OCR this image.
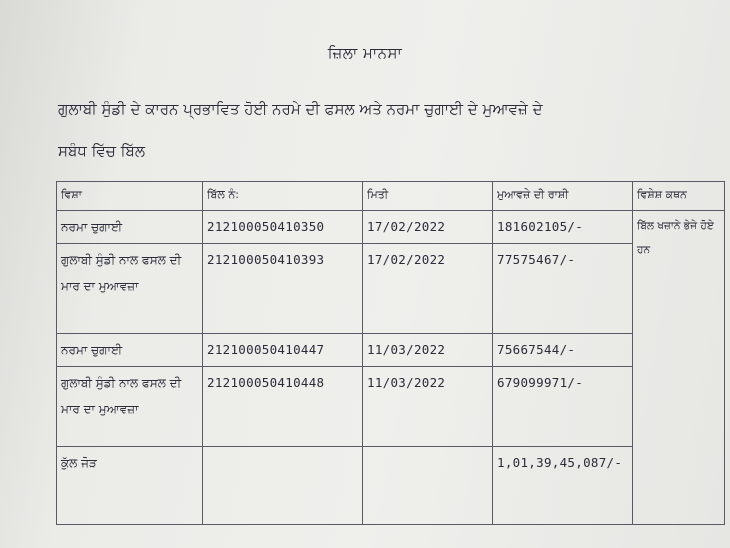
ਜ਼ਿਲਾ ਮਾਨਸਾ
ਗੁਲਾਬੀ ਸੁੰਡੀ ਦੇ ਕਾਰਨ ਪ੍ਰਭਾਵਿਤ ਹੋਈ ਨਰਮੇ ਦੀ ਫਸਲ ਅਤੇ ਨਰਮਾ ਚੁਗਾਈ ਦੇ ਮੁਆਵਜ਼ੇ ਦੇ
ਸਬੰਧ ਵਿੱਚ ਬਿੱਲ
ਵਿਸ਼ਾ	ਬਿੱਲ ਨੰ:	ਮਿਤੀ	ਮੁਆਵਜ਼ੇ ਦੀ ਰਾਸ਼ੀ	ਵਿਸ਼ੇਸ਼ ਕਥਨ
ਨਰਮਾ ਚੁਗਾਈ	212100050410350	17/02/2022	181602105/-	ਬਿੱਲ ਖਜ਼ਾਨੇ ਭੇਜੇ ਹੋਏ ਹਨ
ਗੁਲਾਬੀ ਸੁੰਡੀ ਨਾਲ ਫਸਲ ਦੀ ਮਾਰ ਦਾ ਮੁਆਵਜ਼ਾ	212100050410393	17/02/2022	77575467/-	
ਨਰਮਾ ਚੁਗਾਈ	212100050410447	11/03/2022	75667544/-	
ਗੁਲਾਬੀ ਸੁੰਡੀ ਨਾਲ ਫਸਲ ਦੀ ਮਾਰ ਦਾ ਮੁਆਵਜ਼ਾ	212100050410448	11/03/2022	679099971/-	
ਕੁੱਲ ਜੋੜ			1,01,39,45,087/-	
